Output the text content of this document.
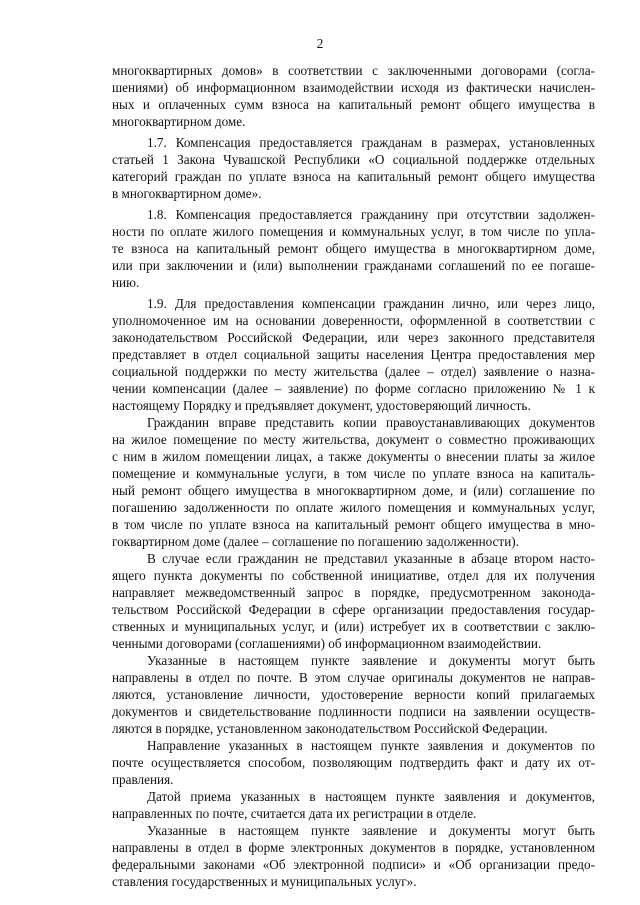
2
многоквартирных домов» в соответствии с заключенными договорами (согла-
шениями) об информационном взаимодействии исходя из фактически начислен-
ных и оплаченных сумм взноса на капитальный ремонт общего имущества в
многоквартирном доме.
1.7. Компенсация предоставляется гражданам в размерах, установленных
статьей 1 Закона Чувашской Республики «О социальной поддержке отдельных
категорий граждан по уплате взноса на капитальный ремонт общего имущества
в многоквартирном доме».
1.8. Компенсация предоставляется гражданину при отсутствии задолжен-
ности по оплате жилого помещения и коммунальных услуг, в том числе по упла-
те взноса на капитальный ремонт общего имущества в многоквартирном доме,
или при заключении и (или) выполнении гражданами соглашений по ее погаше-
нию.
1.9. Для предоставления компенсации гражданин лично, или через лицо,
уполномоченное им на основании доверенности, оформленной в соответствии с
законодательством Российской Федерации, или через законного представителя
представляет в отдел социальной защиты населения Центра предоставления мер
социальной поддержки по месту жительства (далее – отдел) заявление о назна-
чении компенсации (далее – заявление) по форме согласно приложению № 1 к
настоящему Порядку и предъявляет документ, удостоверяющий личность.
Гражданин вправе представить копии правоустанавливающих документов
на жилое помещение по месту жительства, документ о совместно проживающих
с ним в жилом помещении лицах, а также документы о внесении платы за жилое
помещение и коммунальные услуги, в том числе по уплате взноса на капиталь-
ный ремонт общего имущества в многоквартирном доме, и (или) соглашение по
погашению задолженности по оплате жилого помещения и коммунальных услуг,
в том числе по уплате взноса на капитальный ремонт общего имущества в мно-
гоквартирном доме (далее – соглашение по погашению задолженности).
В случае если гражданин не представил указанные в абзаце втором насто-
ящего пункта документы по собственной инициативе, отдел для их получения
направляет межведомственный запрос в порядке, предусмотренном законода-
тельством Российской Федерации в сфере организации предоставления государ-
ственных и муниципальных услуг, и (или) истребует их в соответствии с заклю-
ченными договорами (соглашениями) об информационном взаимодействии.
Указанные в настоящем пункте заявление и документы могут быть
направлены в отдел по почте. В этом случае оригиналы документов не направ-
ляются, установление личности, удостоверение верности копий прилагаемых
документов и свидетельствование подлинности подписи на заявлении осуществ-
ляются в порядке, установленном законодательством Российской Федерации.
Направление указанных в настоящем пункте заявления и документов по
почте осуществляется способом, позволяющим подтвердить факт и дату их от-
правления.
Датой приема указанных в настоящем пункте заявления и документов,
направленных по почте, считается дата их регистрации в отделе.
Указанные в настоящем пункте заявление и документы могут быть
направлены в отдел в форме электронных документов в порядке, установленном
федеральными законами «Об электронной подписи» и «Об организации предо-
ставления государственных и муниципальных услуг».
